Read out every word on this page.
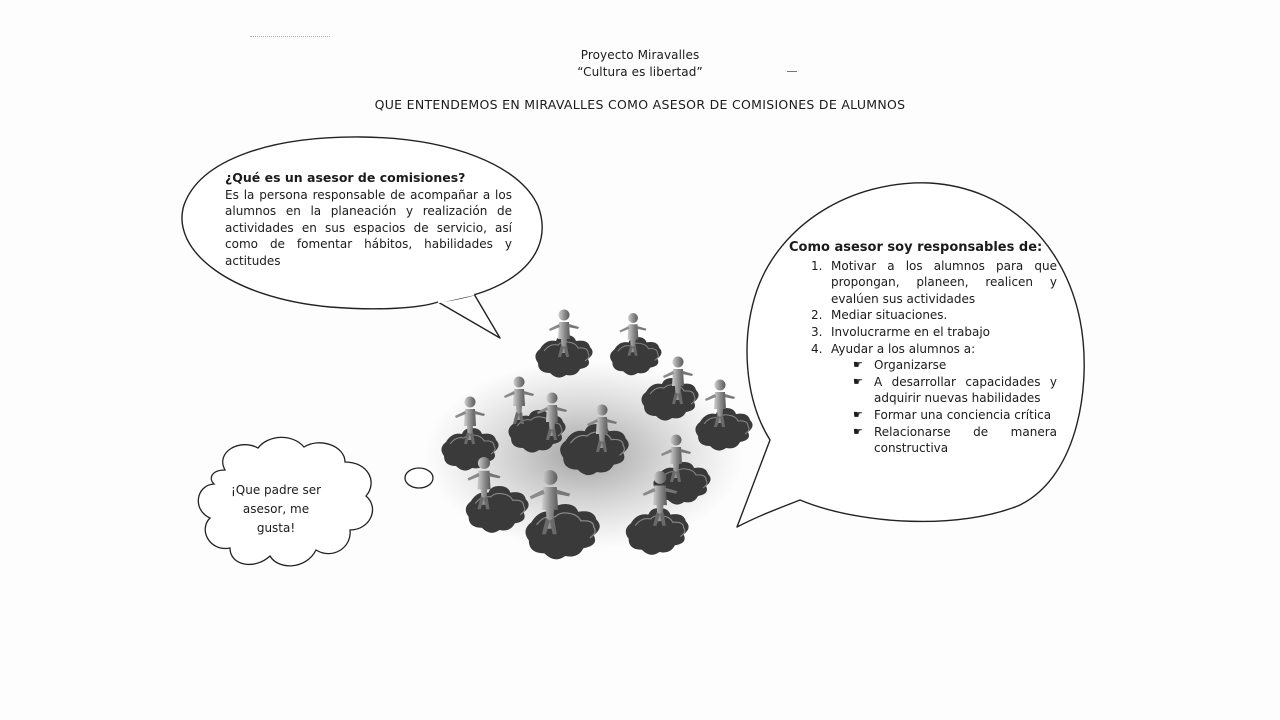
Proyecto Miravalles
“Cultura es libertad”
QUE ENTENDEMOS EN MIRAVALLES COMO ASESOR DE COMISIONES DE ALUMNOS
¿Qué es un asesor de comisiones?
Es la persona responsable de acompañar a los alumnos en la planeación y realización de actividades en sus espacios de servicio, así como de fomentar hábitos, habilidades y actitudes
Como asesor soy responsables de:
1. Motivar a los alumnos para que propongan, planeen, realicen y evalúen sus actividades
2. Mediar situaciones.
3. Involucrarme en el trabajo
4. Ayudar a los alumnos a:
☛ Organizarse
☛ A desarrollar capacidades y adquirir nuevas habilidades
☛ Formar una conciencia crítica
☛ Relacionarse de manera constructiva
¡Que padre ser asesor, me gusta!
